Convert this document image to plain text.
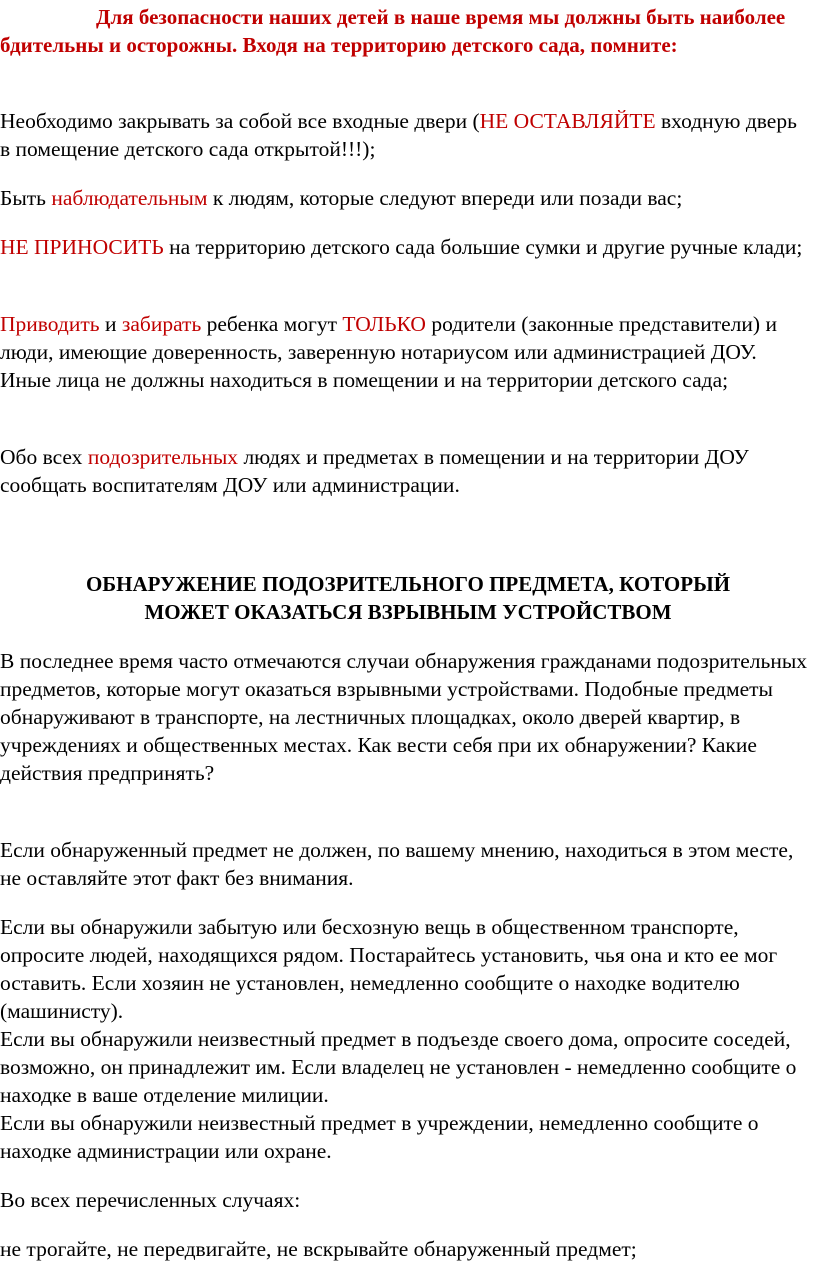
Для безопасности наших детей в наше время мы должны быть наиболее бдительны и осторожны. Входя на территорию детского сада, помните:

Необходимо закрывать за собой все входные двери (НЕ ОСТАВЛЯЙТЕ входную дверь в помещение детского сада открытой!!!);

Быть наблюдательным к людям, которые следуют впереди или позади вас;

НЕ ПРИНОСИТЬ на территорию детского сада большие сумки и другие ручные клади;

Приводить и забирать ребенка могут ТОЛЬКО родители (законные представители) и люди, имеющие доверенность, заверенную нотариусом или администрацией ДОУ. Иные лица не должны находиться в помещении и на территории детского сада;

Обо всех подозрительных людях и предметах в помещении и на территории ДОУ сообщать воспитателям ДОУ или администрации.

ОБНАРУЖЕНИЕ ПОДОЗРИТЕЛЬНОГО ПРЕДМЕТА, КОТОРЫЙ

МОЖЕТ ОКАЗАТЬСЯ ВЗРЫВНЫМ УСТРОЙСТВОМ

В последнее время часто отмечаются случаи обнаружения гражданами подозрительных предметов, которые могут оказаться взрывными устройствами. Подобные предметы обнаруживают в транспорте, на лестничных площадках, около дверей квартир, в учреждениях и общественных местах. Как вести себя при их обнаружении? Какие действия предпринять?

Если обнаруженный предмет не должен, по вашему мнению, находиться в этом месте, не оставляйте этот факт без внимания.

Если вы обнаружили забытую или бесхозную вещь в общественном транспорте, опросите людей, находящихся рядом. Постарайтесь установить, чья она и кто ее мог оставить. Если хозяин не установлен, немедленно сообщите о находке водителю (машинисту).

Если вы обнаружили неизвестный предмет в подъезде своего дома, опросите соседей, возможно, он принадлежит им. Если владелец не установлен - немедленно сообщите о находке в ваше отделение милиции.

Если вы обнаружили неизвестный предмет в учреждении, немедленно сообщите о находке администрации или охране.

Во всех перечисленных случаях:

не трогайте, не передвигайте, не вскрывайте обнаруженный предмет;
